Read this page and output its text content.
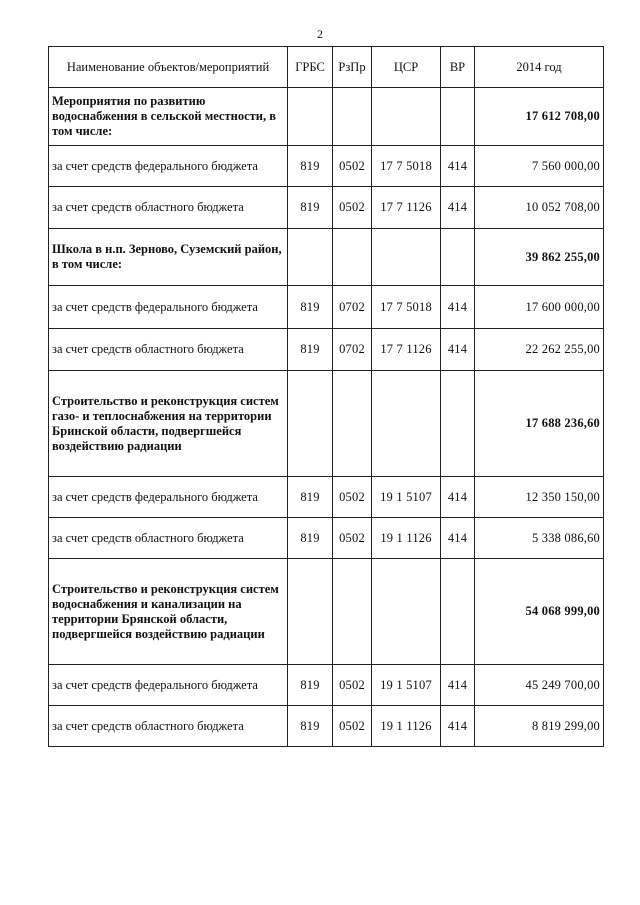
2
Наименование объектов/мероприятий	ГРБС	РзПр	ЦСР	ВР	2014 год
Мероприятия по развитию водоснабжения в сельской местности, в том числе:					17 612 708,00
за счет средств федерального бюджета	819	0502	17 7 5018	414	7 560 000,00
за счет средств областного бюджета	819	0502	17 7 1126	414	10 052 708,00
Школа в н.п. Зерново, Суземский район, в том числе:					39 862 255,00
за счет средств федерального бюджета	819	0702	17 7 5018	414	17 600 000,00
за счет средств областного бюджета	819	0702	17 7 1126	414	22 262 255,00
Строительство и реконструкция систем газо- и теплоснабжения на территории Бринской области, подвергшейся воздействию радиации					17 688 236,60
за счет средств федерального бюджета	819	0502	19 1 5107	414	12 350 150,00
за счет средств областного бюджета	819	0502	19 1 1126	414	5 338 086,60
Строительство и реконструкция систем водоснабжения и канализации на территории Брянской области, подвергшейся воздействию радиации					54 068 999,00
за счет средств федерального бюджета	819	0502	19 1 5107	414	45 249 700,00
за счет средств областного бюджета	819	0502	19 1 1126	414	8 819 299,00
